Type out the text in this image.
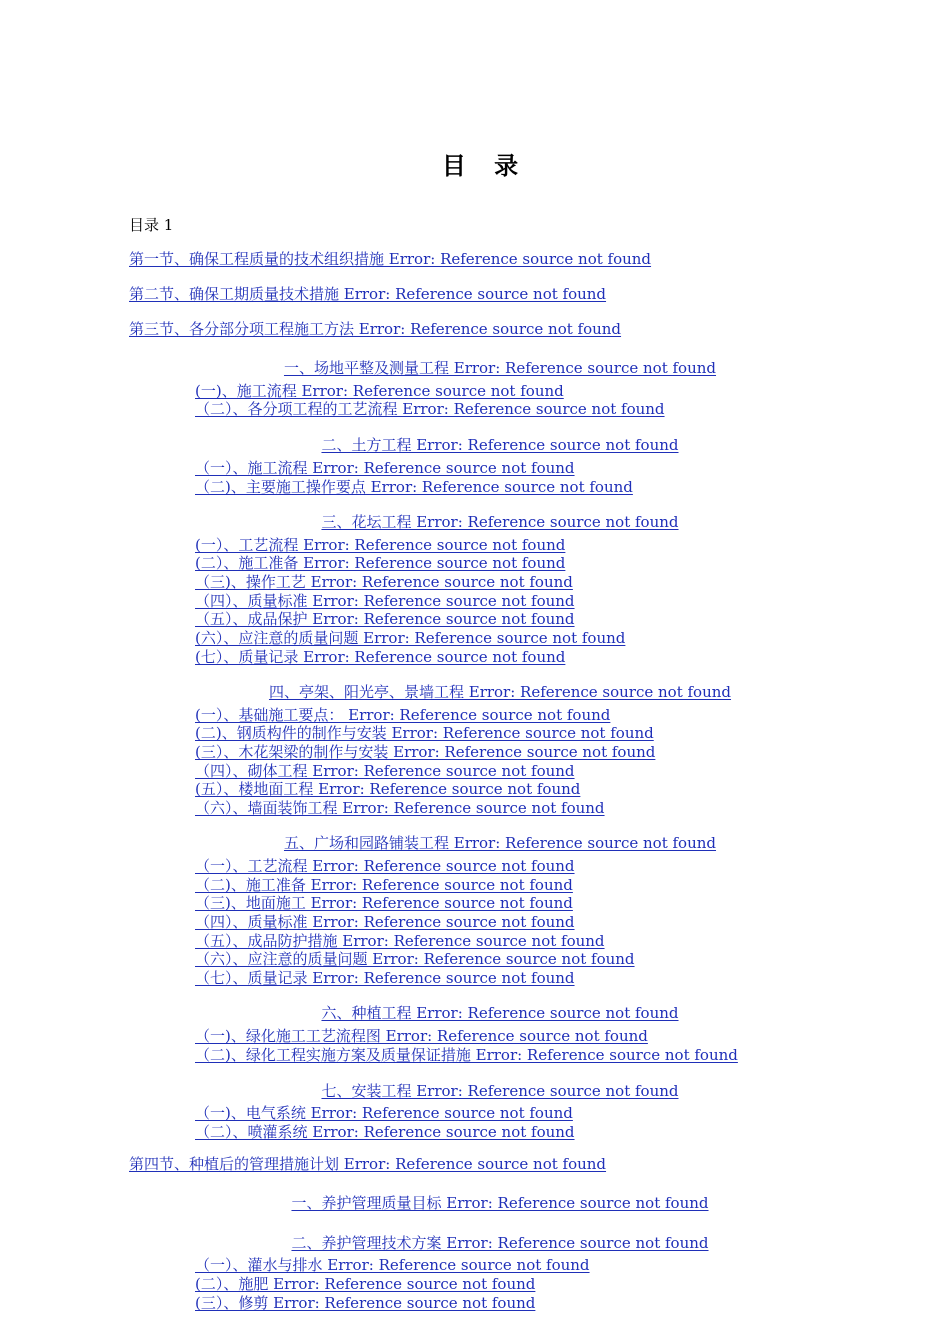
目 录
目录 1
第一节、确保工程质量的技术组织措施 Error: Reference source not found
第二节、确保工期质量技术措施 Error: Reference source not found
第三节、各分部分项工程施工方法 Error: Reference source not found
一、场地平整及测量工程 Error: Reference source not found
(一)、施工流程 Error: Reference source not found
（二）、各分项工程的工艺流程 Error: Reference source not found
二、土方工程 Error: Reference source not found
（一）、施工流程 Error: Reference source not found
（二)、主要施工操作要点 Error: Reference source not found
三、花坛工程 Error: Reference source not found
(一）、工艺流程 Error: Reference source not found
(二）、施工准备 Error: Reference source not found
（三)、操作工艺 Error: Reference source not found
（四）、质量标准 Error: Reference source not found
（五）、成品保护 Error: Reference source not found
(六）、应注意的质量问题 Error: Reference source not found
(七）、质量记录 Error: Reference source not found
四、亭架、阳光亭、景墙工程 Error: Reference source not found
(一）、基础施工要点： Error: Reference source not found
(二)、钢质构件的制作与安装 Error: Reference source not found
(三）、木花架梁的制作与安装 Error: Reference source not found
（四）、砌体工程 Error: Reference source not found
(五）、楼地面工程 Error: Reference source not found
（六）、墙面装饰工程 Error: Reference source not found
五、广场和园路铺装工程 Error: Reference source not found
（一）、工艺流程 Error: Reference source not found
（二)、施工准备 Error: Reference source not found
（三)、地面施工 Error: Reference source not found
（四）、质量标准 Error: Reference source not found
（五）、成品防护措施 Error: Reference source not found
（六）、应注意的质量问题 Error: Reference source not found
（七）、质量记录 Error: Reference source not found
六、种植工程 Error: Reference source not found
（一)、绿化施工工艺流程图 Error: Reference source not found
（二)、绿化工程实施方案及质量保证措施 Error: Reference source not found
七、安装工程 Error: Reference source not found
（一)、电气系统 Error: Reference source not found
（二）、喷灌系统 Error: Reference source not found
第四节、种植后的管理措施计划 Error: Reference source not found
一、养护管理质量目标 Error: Reference source not found
二、养护管理技术方案 Error: Reference source not found
（一）、灌水与排水 Error: Reference source not found
(二）、施肥 Error: Reference source not found
(三）、修剪 Error: Reference source not found
